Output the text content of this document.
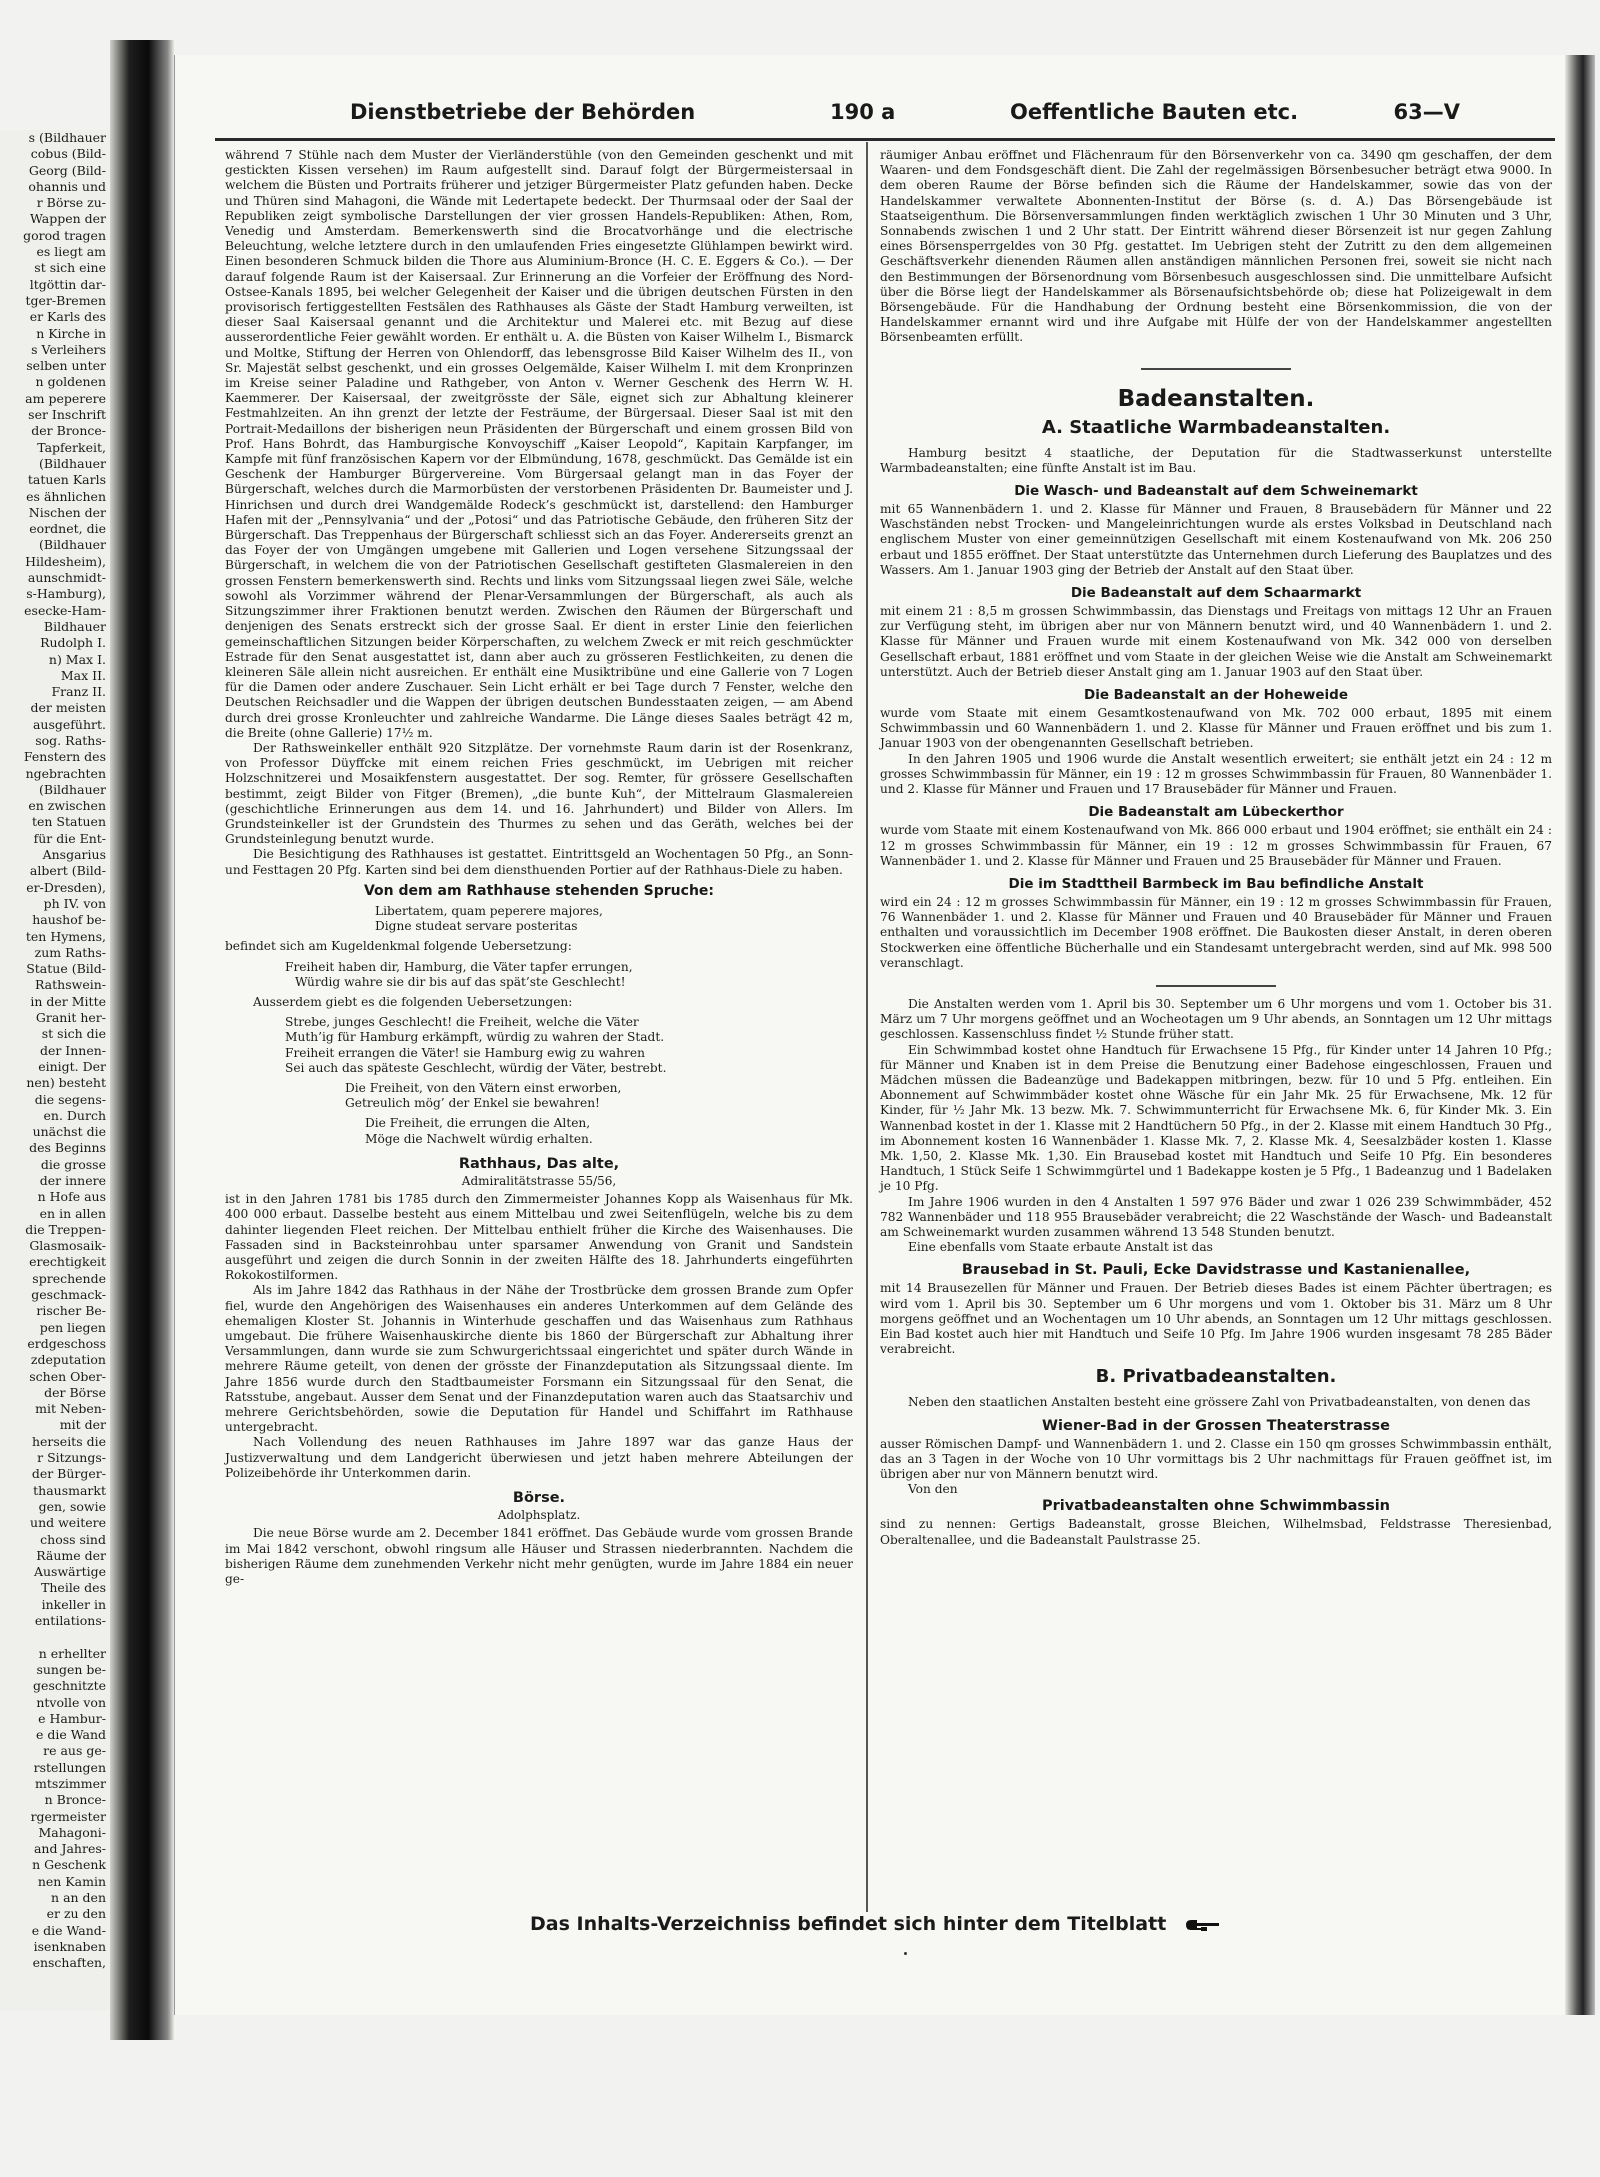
s (Bildhauer
cobus (Bild-
Georg (Bild-
ohannis und
r Börse zu-
Wappen der
gorod tragen
es liegt am
st sich eine
ltgöttin dar-
tger-Bremen
er Karls des
n Kirche in
s Verleihers
selben unter
n goldenen
am peperere
ser Inschrift
der Bronce-
Tapferkeit,
(Bildhauer
tatuen Karls
es ähnlichen
Nischen der
eordnet, die
(Bildhauer
Hildesheim),
aunschmidt-
s-Hamburg),
esecke-Ham-
Bildhauer
Rudolph I.
n) Max I.
Max II.
Franz II.
der meisten
ausgeführt.
sog. Raths-
Fenstern des
ngebrachten
(Bildhauer
en zwischen
ten Statuen
für die Ent-
Ansgarius
albert (Bild-
er-Dresden),
ph IV. von
haushof be-
ten Hymens,
zum Raths-
Statue (Bild-
Rathswein-
in der Mitte
Granit her-
st sich die
der Innen-
einigt. Der
nen) besteht
die segens-
en. Durch
unächst die
des Beginns
die grosse
der innere
n Hofe aus
en in allen
die Treppen-
Glasmosaik-
erechtigkeit
sprechende
geschmack-
rischer Be-
pen liegen
erdgeschoss
zdeputation
schen Ober-
der Börse
mit Neben-
mit der
herseits die
r Sitzungs-
der Bürger-
thausmarkt
gen, sowie
und weitere
choss sind
Räume der
Auswärtige
Theile des
inkeller in
entilations-

n erhellter
sungen be-
geschnitzte
ntvolle von
e Hambur-
e die Wand
re aus ge-
rstellungen
mtszimmer
n Bronce-
rgermeister
Mahagoni-
and Jahres-
n Geschenk
nen Kamin
n an den
er zu den
e die Wand-
isenknaben
enschaften,
Dienstbetriebe der Behörden	190 a	Oeffentliche Bauten etc.	63—V

während 7 Stühle nach dem Muster der Vierländerstühle (von den Gemeinden geschenkt und mit gestickten Kissen versehen) im Raum aufgestellt sind. Darauf folgt der Bürgermeistersaal in welchem die Büsten und Portraits früherer und jetziger Bürgermeister Platz gefunden haben. Decke und Thüren sind Mahagoni, die Wände mit Ledertapete bedeckt. Der Thurmsaal oder der Saal der Republiken zeigt symbolische Darstellungen der vier grossen Handels-Republiken: Athen, Rom, Venedig und Amsterdam. Bemerkenswerth sind die Brocatvorhänge und die electrische Beleuchtung, welche letztere durch in den umlaufenden Fries eingesetzte Glühlampen bewirkt wird. Einen besonderen Schmuck bilden die Thore aus Aluminium-Bronce (H. C. E. Eggers & Co.). — Der darauf folgende Raum ist der Kaisersaal. Zur Erinnerung an die Vorfeier der Eröffnung des Nord-Ostsee-Kanals 1895, bei welcher Gelegenheit der Kaiser und die übrigen deutschen Fürsten in den provisorisch fertiggestellten Festsälen des Rathhauses als Gäste der Stadt Hamburg verweilten, ist dieser Saal Kaisersaal genannt und die Architektur und Malerei etc. mit Bezug auf diese ausserordentliche Feier gewählt worden. Er enthält u. A. die Büsten von Kaiser Wilhelm I., Bismarck und Moltke, Stiftung der Herren von Ohlendorff, das lebensgrosse Bild Kaiser Wilhelm des II., von Sr. Majestät selbst geschenkt, und ein grosses Oelgemälde, Kaiser Wilhelm I. mit dem Kronprinzen im Kreise seiner Paladine und Rathgeber, von Anton v. Werner Geschenk des Herrn W. H. Kaemmerer. Der Kaisersaal, der zweitgrösste der Säle, eignet sich zur Abhaltung kleinerer Festmahlzeiten. An ihn grenzt der letzte der Festräume, der Bürgersaal. Dieser Saal ist mit den Portrait-Medaillons der bisherigen neun Präsidenten der Bürgerschaft und einem grossen Bild von Prof. Hans Bohrdt, das Hamburgische Konvoyschiff „Kaiser Leopold“, Kapitain Karpfanger, im Kampfe mit fünf französischen Kapern vor der Elbmündung, 1678, geschmückt. Das Gemälde ist ein Geschenk der Hamburger Bürgervereine. Vom Bürgersaal gelangt man in das Foyer der Bürgerschaft, welches durch die Marmorbüsten der verstorbenen Präsidenten Dr. Baumeister und J. Hinrichsen und durch drei Wandgemälde Rodeck’s geschmückt ist, darstellend: den Hamburger Hafen mit der „Pennsylvania“ und der „Potosi“ und das Patriotische Gebäude, den früheren Sitz der Bürgerschaft. Das Treppenhaus der Bürgerschaft schliesst sich an das Foyer. Andererseits grenzt an das Foyer der von Umgängen umgebene mit Gallerien und Logen versehene Sitzungssaal der Bürgerschaft, in welchem die von der Patriotischen Gesellschaft gestifteten Glasmalereien in den grossen Fenstern bemerkenswerth sind. Rechts und links vom Sitzungssaal liegen zwei Säle, welche sowohl als Vorzimmer während der Plenar-Versammlungen der Bürgerschaft, als auch als Sitzungszimmer ihrer Fraktionen benutzt werden. Zwischen den Räumen der Bürgerschaft und denjenigen des Senats erstreckt sich der grosse Saal. Er dient in erster Linie den feierlichen gemeinschaftlichen Sitzungen beider Körperschaften, zu welchem Zweck er mit reich geschmückter Estrade für den Senat ausgestattet ist, dann aber auch zu grösseren Festlichkeiten, zu denen die kleineren Säle allein nicht ausreichen. Er enthält eine Musiktribüne und eine Gallerie von 7 Logen für die Damen oder andere Zuschauer. Sein Licht erhält er bei Tage durch 7 Fenster, welche den Deutschen Reichsadler und die Wappen der übrigen deutschen Bundesstaaten zeigen, — am Abend durch drei grosse Kronleuchter und zahlreiche Wandarme. Die Länge dieses Saales beträgt 42 m, die Breite (ohne Gallerie) 17½ m.

Der Rathsweinkeller enthält 920 Sitzplätze. Der vornehmste Raum darin ist der Rosenkranz, von Professor Düyffcke mit einem reichen Fries geschmückt, im Uebrigen mit reicher Holzschnitzerei und Mosaikfenstern ausgestattet. Der sog. Remter, für grössere Gesellschaften bestimmt, zeigt Bilder von Fitger (Bremen), „die bunte Kuh“, der Mittelraum Glasmalereien (geschichtliche Erinnerungen aus dem 14. und 16. Jahrhundert) und Bilder von Allers. Im Grundsteinkeller ist der Grundstein des Thurmes zu sehen und das Geräth, welches bei der Grundsteinlegung benutzt wurde.

Die Besichtigung des Rathhauses ist gestattet. Eintrittsgeld an Wochentagen 50 Pfg., an Sonn- und Festtagen 20 Pfg. Karten sind bei dem diensthuenden Portier auf der Rathhaus-Diele zu haben.

Von dem am Rathhause stehenden Spruche:
Libertatem, quam peperere majores,
Digne studeat servare posteritas

befindet sich am Kugeldenkmal folgende Uebersetzung:

Freiheit haben dir, Hamburg, die Väter tapfer errungen,
Würdig wahre sie dir bis auf das spät’ste Geschlecht!

Ausserdem giebt es die folgenden Uebersetzungen:

Strebe, junges Geschlecht! die Freiheit, welche die Väter
Muth’ig für Hamburg erkämpft, würdig zu wahren der Stadt.
Freiheit errangen die Väter! sie Hamburg ewig zu wahren
Sei auch das späteste Geschlecht, würdig der Väter, bestrebt.
Die Freiheit, von den Vätern einst erworben,
Getreulich mög’ der Enkel sie bewahren!
Die Freiheit, die errungen die Alten,
Möge die Nachwelt würdig erhalten.
Rathhaus, Das alte,
Admiralitätstrasse 55/56,

ist in den Jahren 1781 bis 1785 durch den Zimmermeister Johannes Kopp als Waisenhaus für Mk. 400 000 erbaut. Dasselbe besteht aus einem Mittelbau und zwei Seitenflügeln, welche bis zu dem dahinter liegenden Fleet reichen. Der Mittelbau enthielt früher die Kirche des Waisenhauses. Die Fassaden sind in Backsteinrohbau unter sparsamer Anwendung von Granit und Sandstein ausgeführt und zeigen die durch Sonnin in der zweiten Hälfte des 18. Jahrhunderts eingeführten Rokokostilformen.

Als im Jahre 1842 das Rathhaus in der Nähe der Trostbrücke dem grossen Brande zum Opfer fiel, wurde den Angehörigen des Waisenhauses ein anderes Unterkommen auf dem Gelände des ehemaligen Kloster St. Johannis in Winterhude geschaffen und das Waisenhaus zum Rathhaus umgebaut. Die frühere Waisenhauskirche diente bis 1860 der Bürgerschaft zur Abhaltung ihrer Versammlungen, dann wurde sie zum Schwurgerichtssaal eingerichtet und später durch Wände in mehrere Räume geteilt, von denen der grösste der Finanzdeputation als Sitzungssaal diente. Im Jahre 1856 wurde durch den Stadtbaumeister Forsmann ein Sitzungssaal für den Senat, die Ratsstube, angebaut. Ausser dem Senat und der Finanzdeputation waren auch das Staatsarchiv und mehrere Gerichtsbehörden, sowie die Deputation für Handel und Schiffahrt im Rathhause untergebracht.

Nach Vollendung des neuen Rathhauses im Jahre 1897 war das ganze Haus der Justizverwaltung und dem Landgericht überwiesen und jetzt haben mehrere Abteilungen der Polizeibehörde ihr Unterkommen darin.

Börse.
Adolphsplatz.

Die neue Börse wurde am 2. December 1841 eröffnet. Das Gebäude wurde vom grossen Brande im Mai 1842 verschont, obwohl ringsum alle Häuser und Strassen niederbrannten. Nachdem die bisherigen Räume dem zunehmenden Verkehr nicht mehr genügten, wurde im Jahre 1884 ein neuer ge-

räumiger Anbau eröffnet und Flächenraum für den Börsenverkehr von ca. 3490 qm geschaffen, der dem Waaren- und dem Fondsgeschäft dient. Die Zahl der regelmässigen Börsenbesucher beträgt etwa 9000. In dem oberen Raume der Börse befinden sich die Räume der Handelskammer, sowie das von der Handelskammer verwaltete Abonnenten-Institut der Börse (s. d. A.) Das Börsengebäude ist Staatseigenthum. Die Börsenversammlungen finden werktäglich zwischen 1 Uhr 30 Minuten und 3 Uhr, Sonnabends zwischen 1 und 2 Uhr statt. Der Eintritt während dieser Börsenzeit ist nur gegen Zahlung eines Börsensperrgeldes von 30 Pfg. gestattet. Im Uebrigen steht der Zutritt zu den dem allgemeinen Geschäftsverkehr dienenden Räumen allen anständigen männlichen Personen frei, soweit sie nicht nach den Bestimmungen der Börsenordnung vom Börsenbesuch ausgeschlossen sind. Die unmittelbare Aufsicht über die Börse liegt der Handelskammer als Börsenaufsichtsbehörde ob; diese hat Polizeigewalt in dem Börsengebäude. Für die Handhabung der Ordnung besteht eine Börsenkommission, die von der Handelskammer ernannt wird und ihre Aufgabe mit Hülfe der von der Handelskammer angestellten Börsenbeamten erfüllt.

Badeanstalten.
A. Staatliche Warmbadeanstalten.

Hamburg besitzt 4 staatliche, der Deputation für die Stadtwasserkunst unterstellte Warmbadeanstalten; eine fünfte Anstalt ist im Bau.

Die Wasch- und Badeanstalt auf dem Schweinemarkt

mit 65 Wannenbädern 1. und 2. Klasse für Männer und Frauen, 8 Brausebädern für Männer und 22 Waschständen nebst Trocken- und Mangeleinrichtungen wurde als erstes Volksbad in Deutschland nach englischem Muster von einer gemeinnützigen Gesellschaft mit einem Kostenaufwand von Mk. 206 250 erbaut und 1855 eröffnet. Der Staat unterstützte das Unternehmen durch Lieferung des Bauplatzes und des Wassers. Am 1. Januar 1903 ging der Betrieb der Anstalt auf den Staat über.

Die Badeanstalt auf dem Schaarmarkt

mit einem 21 : 8,5 m grossen Schwimmbassin, das Dienstags und Freitags von mittags 12 Uhr an Frauen zur Verfügung steht, im übrigen aber nur von Männern benutzt wird, und 40 Wannenbädern 1. und 2. Klasse für Männer und Frauen wurde mit einem Kostenaufwand von Mk. 342 000 von derselben Gesellschaft erbaut, 1881 eröffnet und vom Staate in der gleichen Weise wie die Anstalt am Schweinemarkt unterstützt. Auch der Betrieb dieser Anstalt ging am 1. Januar 1903 auf den Staat über.

Die Badeanstalt an der Hoheweide

wurde vom Staate mit einem Gesamtkostenaufwand von Mk. 702 000 erbaut, 1895 mit einem Schwimmbassin und 60 Wannenbädern 1. und 2. Klasse für Männer und Frauen eröffnet und bis zum 1. Januar 1903 von der obengenannten Gesellschaft betrieben.

In den Jahren 1905 und 1906 wurde die Anstalt wesentlich erweitert; sie enthält jetzt ein 24 : 12 m grosses Schwimmbassin für Männer, ein 19 : 12 m grosses Schwimmbassin für Frauen, 80 Wannenbäder 1. und 2. Klasse für Männer und Frauen und 17 Brausebäder für Männer und Frauen.

Die Badeanstalt am Lübeckerthor

wurde vom Staate mit einem Kostenaufwand von Mk. 866 000 erbaut und 1904 eröffnet; sie enthält ein 24 : 12 m grosses Schwimmbassin für Männer, ein 19 : 12 m grosses Schwimmbassin für Frauen, 67 Wannenbäder 1. und 2. Klasse für Männer und Frauen und 25 Brausebäder für Männer und Frauen.

Die im Stadttheil Barmbeck im Bau befindliche Anstalt

wird ein 24 : 12 m grosses Schwimmbassin für Männer, ein 19 : 12 m grosses Schwimmbassin für Frauen, 76 Wannenbäder 1. und 2. Klasse für Männer und Frauen und 40 Brausebäder für Männer und Frauen enthalten und voraussichtlich im December 1908 eröffnet. Die Baukosten dieser Anstalt, in deren oberen Stockwerken eine öffentliche Bücherhalle und ein Standesamt untergebracht werden, sind auf Mk. 998 500 veranschlagt.

Die Anstalten werden vom 1. April bis 30. September um 6 Uhr morgens und vom 1. October bis 31. März um 7 Uhr morgens geöffnet und an Wocheotagen um 9 Uhr abends, an Sonntagen um 12 Uhr mittags geschlossen. Kassenschluss findet ½ Stunde früher statt.

Ein Schwimmbad kostet ohne Handtuch für Erwachsene 15 Pfg., für Kinder unter 14 Jahren 10 Pfg.; für Männer und Knaben ist in dem Preise die Benutzung einer Badehose eingeschlossen, Frauen und Mädchen müssen die Badeanzüge und Badekappen mitbringen, bezw. für 10 und 5 Pfg. entleihen. Ein Abonnement auf Schwimmbäder kostet ohne Wäsche für ein Jahr Mk. 25 für Erwachsene, Mk. 12 für Kinder, für ½ Jahr Mk. 13 bezw. Mk. 7. Schwimmunterricht für Erwachsene Mk. 6, für Kinder Mk. 3. Ein Wannenbad kostet in der 1. Klasse mit 2 Handtüchern 50 Pfg., in der 2. Klasse mit einem Handtuch 30 Pfg., im Abonnement kosten 16 Wannenbäder 1. Klasse Mk. 7, 2. Klasse Mk. 4, Seesalzbäder kosten 1. Klasse Mk. 1,50, 2. Klasse Mk. 1,30. Ein Brausebad kostet mit Handtuch und Seife 10 Pfg. Ein besonderes Handtuch, 1 Stück Seife 1 Schwimmgürtel und 1 Badekappe kosten je 5 Pfg., 1 Badeanzug und 1 Badelaken je 10 Pfg.

Im Jahre 1906 wurden in den 4 Anstalten 1 597 976 Bäder und zwar 1 026 239 Schwimmbäder, 452 782 Wannenbäder und 118 955 Brausebäder verabreicht; die 22 Waschstände der Wasch- und Badeanstalt am Schweinemarkt wurden zusammen während 13 548 Stunden benutzt.

Eine ebenfalls vom Staate erbaute Anstalt ist das

Brausebad in St. Pauli, Ecke Davidstrasse und Kastanienallee,

mit 14 Brausezellen für Männer und Frauen. Der Betrieb dieses Bades ist einem Pächter übertragen; es wird vom 1. April bis 30. September um 6 Uhr morgens und vom 1. Oktober bis 31. März um 8 Uhr morgens geöffnet und an Wochentagen um 10 Uhr abends, an Sonntagen um 12 Uhr mittags geschlossen. Ein Bad kostet auch hier mit Handtuch und Seife 10 Pfg. Im Jahre 1906 wurden insgesamt 78 285 Bäder verabreicht.

B. Privatbadeanstalten.

Neben den staatlichen Anstalten besteht eine grössere Zahl von Privatbadeanstalten, von denen das

Wiener-Bad in der Grossen Theaterstrasse

ausser Römischen Dampf- und Wannenbädern 1. und 2. Classe ein 150 qm grosses Schwimmbassin enthält, das an 3 Tagen in der Woche von 10 Uhr vormittags bis 2 Uhr nachmittags für Frauen geöffnet ist, im übrigen aber nur von Männern benutzt wird.

Von den

Privatbadeanstalten ohne Schwimmbassin

sind zu nennen: Gertigs Badeanstalt, grosse Bleichen, Wilhelmsbad, Feldstrasse Theresienbad, Oberaltenallee, und die Badeanstalt Paulstrasse 25.

Das Inhalts-Verzeichniss befindet sich hinter dem Titelblatt
